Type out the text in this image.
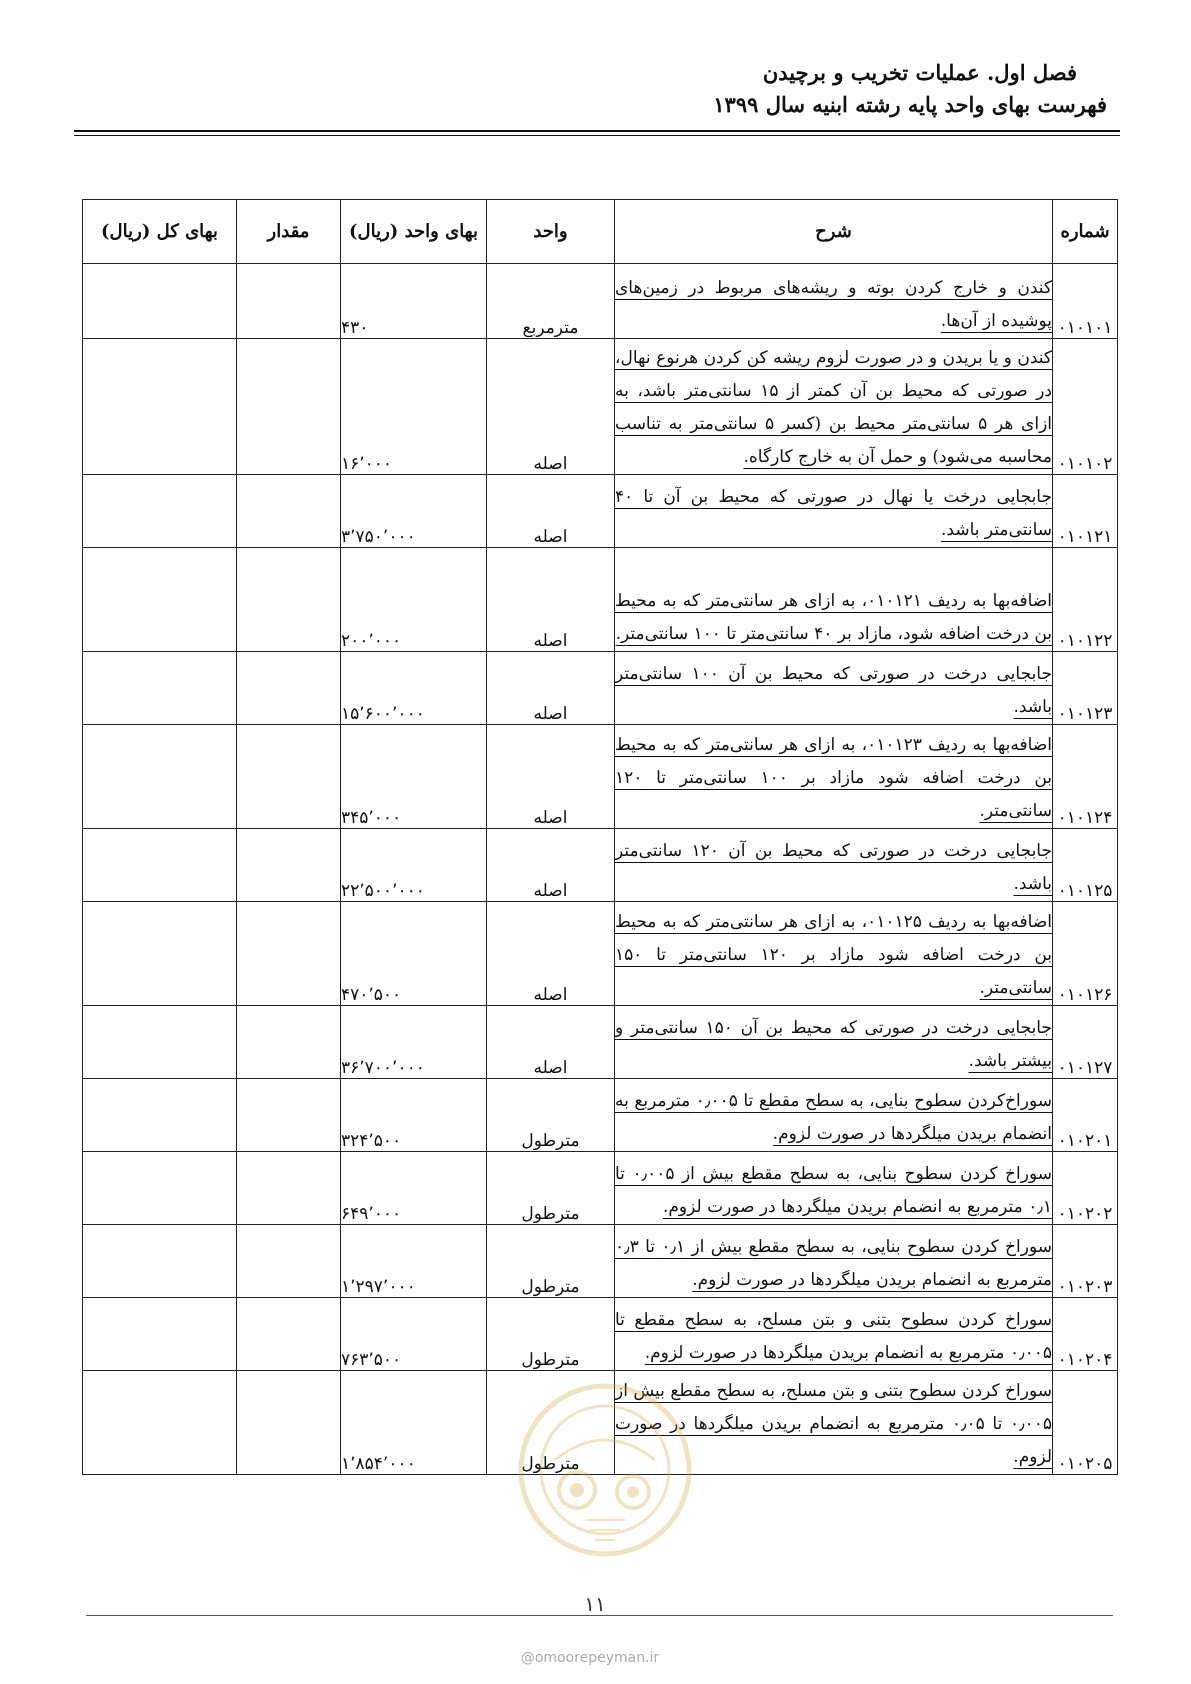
فصل اول. عملیات تخریب و برچیدن
فهرست بهای واحد پایه رشته ابنیه سال ۱۳۹۹
شماره	شرح	واحد	بهای واحد (ریال)	مقدار	بهای کل (ریال)
۰۱۰۱۰۱	کندن و خارج کردن بوته و ریشه‌های مربوط در زمین‌های پوشیده از آن‌ها.	مترمربع	۴۳۰		
۰۱۰۱۰۲	کندن و یا بریدن و در صورت لزوم ریشه کن کردن هرنوع نهال، در صورتی که محیط بن آن کمتر از ۱۵ سانتی‌متر باشد، به ازای هر ۵ سانتی‌متر محیط بن (کسر ۵ سانتی‌متر به تناسب محاسبه می‌شود) و حمل آن به خارج کارگاه.	اصله	۱۶٬۰۰۰		
۰۱۰۱۲۱	جابجایی درخت یا نهال در صورتی که محیط بن آن تا ۴۰ سانتی‌متر باشد.	اصله	۳٬۷۵۰٬۰۰۰		
۰۱۰۱۲۲	اضافه‌بها به ردیف ۰۱۰۱۲۱، به ازای هر سانتی‌متر که به محیط بن درخت اضافه شود، مازاد بر ۴۰ سانتی‌متر تا ۱۰۰ سانتی‌متر.	اصله	۲۰۰٬۰۰۰		
۰۱۰۱۲۳	جابجایی درخت در صورتی که محیط بن آن ۱۰۰ سانتی‌متر باشد.	اصله	۱۵٬۶۰۰٬۰۰۰		
۰۱۰۱۲۴	اضافه‌بها به ردیف ۰۱۰۱۲۳، به ازای هر سانتی‌متر که به محیط بن درخت اضافه شود مازاد بر ۱۰۰ سانتی‌متر تا ۱۲۰ سانتی‌متر.	اصله	۳۴۵٬۰۰۰		
۰۱۰۱۲۵	جابجایی درخت در صورتی که محیط بن آن ۱۲۰ سانتی‌متر باشد.	اصله	۲۲٬۵۰۰٬۰۰۰		
۰۱۰۱۲۶	اضافه‌بها به ردیف ۰۱۰۱۲۵، به ازای هر سانتی‌متر که به محیط بن درخت اضافه شود مازاد بر ۱۲۰ سانتی‌متر تا ۱۵۰ سانتی‌متر.	اصله	۴۷۰٬۵۰۰		
۰۱۰۱۲۷	جابجایی درخت در صورتی که محیط بن آن ۱۵۰ سانتی‌متر و بیشتر باشد.	اصله	۳۶٬۷۰۰٬۰۰۰		
۰۱۰۲۰۱	سوراخ‌کردن سطوح بنایی، به سطح مقطع تا ۰٫۰۰۵ مترمربع به انضمام بریدن میلگردها در صورت لزوم.	مترطول	۳۲۴٬۵۰۰		
۰۱۰۲۰۲	سوراخ کردن سطوح بنایی، به سطح مقطع بیش از ۰٫۰۰۵ تا ۰٫۱ مترمربع به انضمام بریدن میلگردها در صورت لزوم.	مترطول	۶۴۹٬۰۰۰		
۰۱۰۲۰۳	سوراخ کردن سطوح بنایی، به سطح مقطع بیش از ۰٫۱ تا ۰٫۳ مترمربع به انضمام بریدن میلگردها در صورت لزوم.	مترطول	۱٬۲۹۷٬۰۰۰		
۰۱۰۲۰۴	سوراخ کردن سطوح بتنی و بتن مسلح، به سطح مقطع تا ۰٫۰۰۵ مترمربع به انضمام بریدن میلگردها در صورت لزوم.	مترطول	۷۶۳٬۵۰۰		
۰۱۰۲۰۵	سوراخ کردن سطوح بتنی و بتن مسلح، به سطح مقطع بیش از ۰٫۰۰۵ تا ۰٫۰۵ مترمربع به انضمام بریدن میلگردها در صورت لزوم.	مترطول	۱٬۸۵۴٬۰۰۰		
۱۱
@omoorepeyman.ir
